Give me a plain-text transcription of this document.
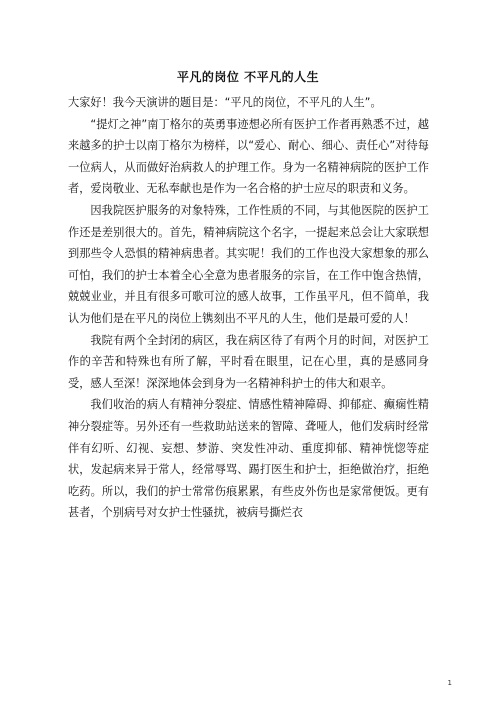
平凡的岗位 不平凡的人生

大家好！我今天演讲的题目是：“平凡的岗位，不平凡的人生”。

“提灯之神”南丁格尔的英勇事迹想必所有医护工作者再熟悉不过，越来越多的护士以南丁格尔为榜样，以“爱心、耐心、细心、责任心”对待每一位病人，从而做好治病救人的护理工作。身为一名精神病院的医护工作者，爱岗敬业、无私奉献也是作为一名合格的护士应尽的职责和义务。

因我院医护服务的对象特殊，工作性质的不同，与其他医院的医护工作还是差别很大的。首先，精神病院这个名字，一提起来总会让大家联想到那些令人恐惧的精神病患者。其实呢！我们的工作也没大家想象的那么可怕，我们的护士本着全心全意为患者服务的宗旨，在工作中饱含热情，兢兢业业，并且有很多可歌可泣的感人故事，工作虽平凡，但不简单，我认为他们是在平凡的岗位上镌刻出不平凡的人生，他们是最可爱的人！

我院有两个全封闭的病区，我在病区待了有两个月的时间，对医护工作的辛苦和特殊也有所了解，平时看在眼里，记在心里，真的是感同身受，感人至深！深深地体会到身为一名精神科护士的伟大和艰辛。

我们收治的病人有精神分裂症、情感性精神障碍、抑郁症、癫痫性精神分裂症等。另外还有一些救助站送来的智障、聋哑人，他们发病时经常伴有幻听、幻视、妄想、梦游、突发性冲动、重度抑郁、精神恍惚等症状，发起病来异于常人，经常辱骂、踢打医生和护士，拒绝做治疗，拒绝吃药。所以，我们的护士常常伤痕累累，有些皮外伤也是家常便饭。更有甚者，个别病号对女护士性骚扰，被病号撕烂衣

1
